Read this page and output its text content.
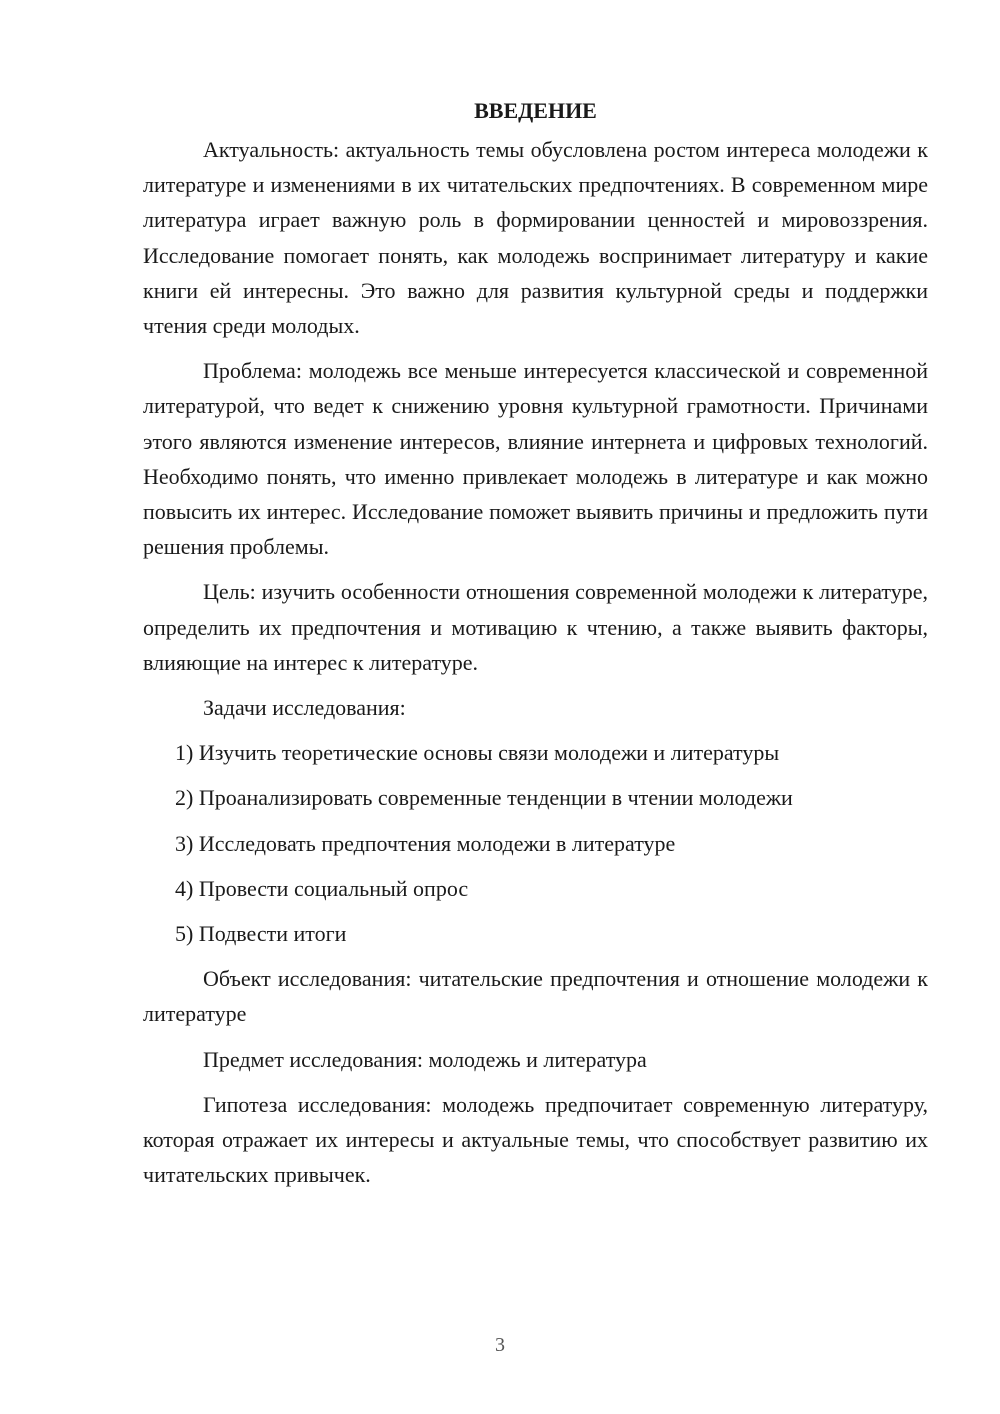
ВВЕДЕНИЕ

Актуальность: актуальность темы обусловлена ростом интереса молодежи к литературе и изменениями в их читательских предпочтениях. В современном мире литература играет важную роль в формировании ценностей и мировоззрения. Исследование помогает понять, как молодежь воспринимает литературу и какие книги ей интересны. Это важно для развития культурной среды и поддержки чтения среди молодых.

Проблема: молодежь все меньше интересуется классической и современной литературой, что ведет к снижению уровня культурной грамотности. Причинами этого являются изменение интересов, влияние интернета и цифровых технологий. Необходимо понять, что именно привлекает молодежь в литературе и как можно повысить их интерес. Исследование поможет выявить причины и предложить пути решения проблемы.

Цель: изучить особенности отношения современной молодежи к литературе, определить их предпочтения и мотивацию к чтению, а также выявить факторы, влияющие на интерес к литературе.

Задачи исследования:

1) Изучить теоретические основы связи молодежи и литературы
2) Проанализировать современные тенденции в чтении молодежи
3) Исследовать предпочтения молодежи в литературе
4) Провести социальный опрос
5) Подвести итоги

Объект исследования: читательские предпочтения и отношение молодежи к литературе

Предмет исследования: молодежь и литература

Гипотеза исследования: молодежь предпочитает современную литературу, которая отражает их интересы и актуальные темы, что способствует развитию их читательских привычек.

3
